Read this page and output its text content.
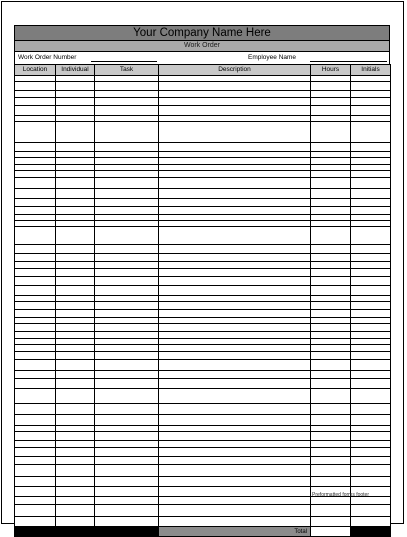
Your Company Name Here
Work Order
Work Order Number	Employee Name
Location	Individual	Task	Description	Hours	Initials

			Total		
Preformatted forms footer
